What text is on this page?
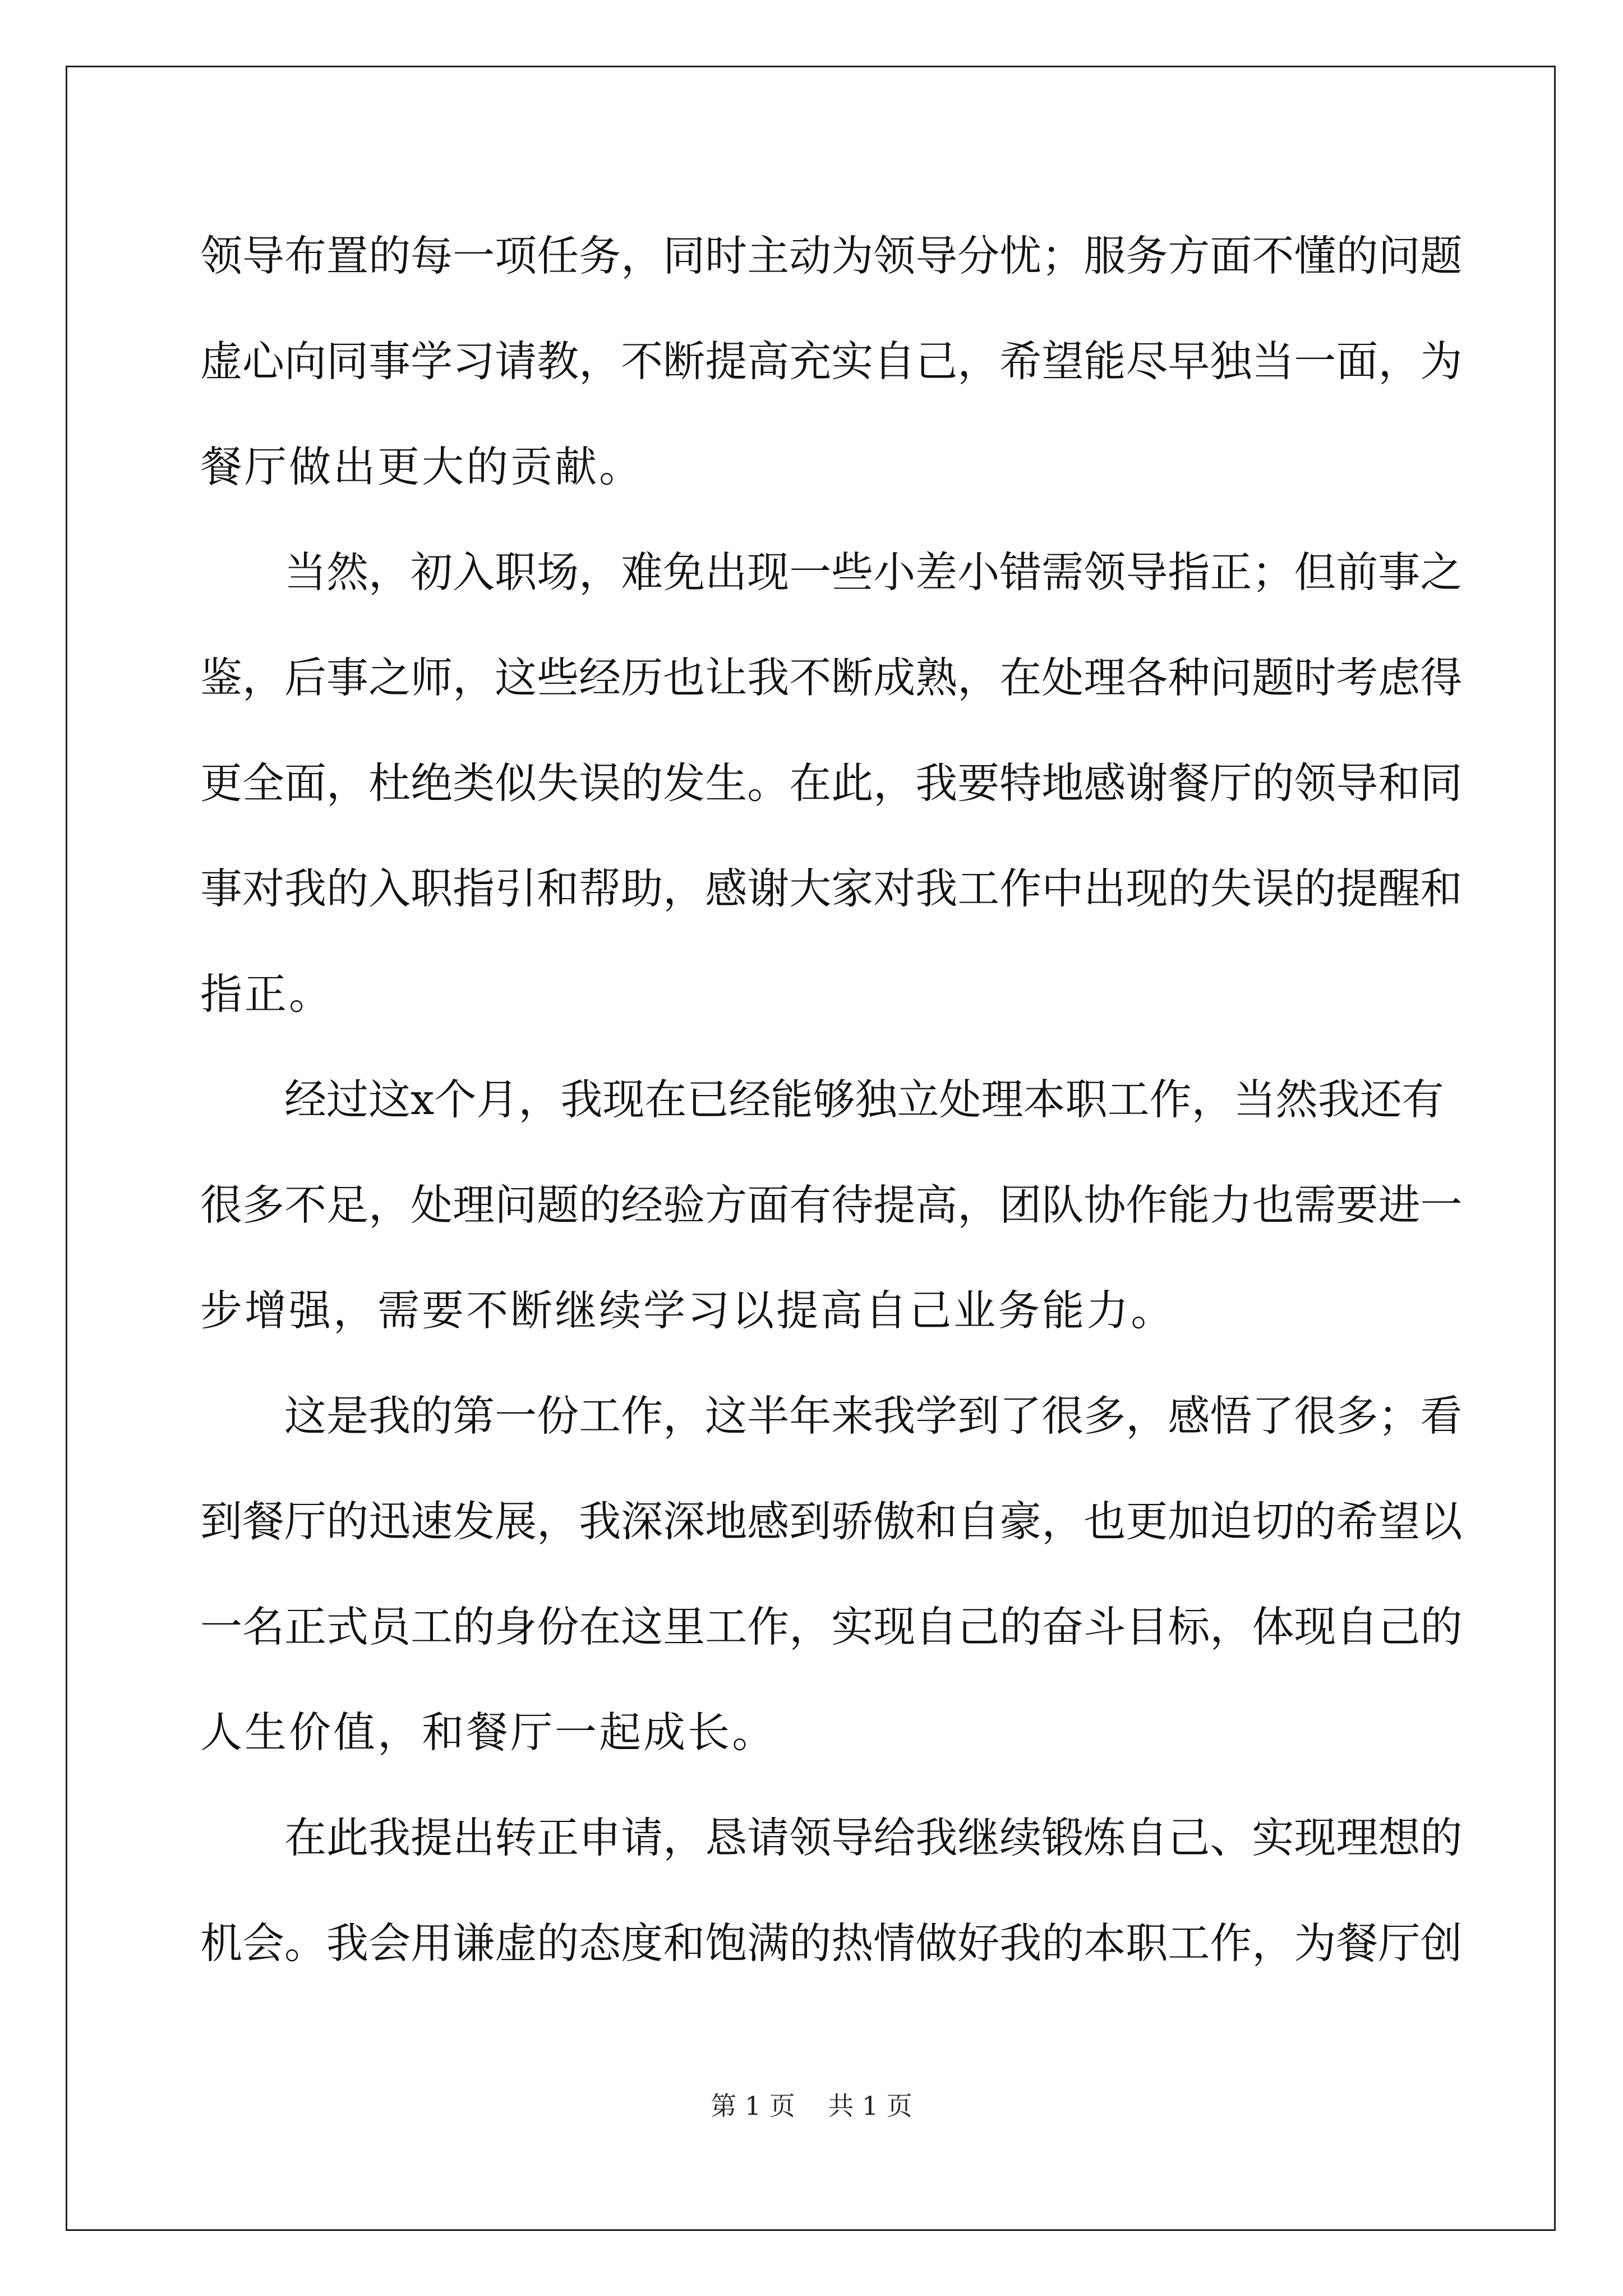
领 导 布 置 的 每 一 项 任 务 ， 同 时 主 动 为 领 导 分 忧 ； 服 务 方 面 不 懂 的 问 题
虚 心 向 同 事 学 习 请 教 ， 不 断 提 高 充 实 自 己 ， 希 望 能 尽 早 独 当 一 面 ， 为
餐 厅 做 出 更 大 的 贡 献 。
当 然 ， 初 入 职 场 ， 难 免 出 现 一 些 小 差 小 错 需 领 导 指 正 ； 但 前 事 之
鉴 ， 后 事 之 师 ， 这 些 经 历 也 让 我 不 断 成 熟 ， 在 处 理 各 种 问 题 时 考 虑 得
更 全 面 ， 杜 绝 类 似 失 误 的 发 生 。 在 此 ， 我 要 特 地 感 谢 餐 厅 的 领 导 和 同
事 对 我 的 入 职 指 引 和 帮 助 ， 感 谢 大 家 对 我 工 作 中 出 现 的 失 误 的 提 醒 和
指 正 。
经 过 这 x 个 月 ， 我 现 在 已 经 能 够 独 立 处 理 本 职 工 作 ， 当 然 我 还 有
很 多 不 足 ， 处 理 问 题 的 经 验 方 面 有 待 提 高 ， 团 队 协 作 能 力 也 需 要 进 一
步 增 强 ， 需 要 不 断 继 续 学 习 以 提 高 自 己 业 务 能 力 。
这 是 我 的 第 一 份 工 作 ， 这 半 年 来 我 学 到 了 很 多 ， 感 悟 了 很 多 ； 看
到 餐 厅 的 迅 速 发 展 ， 我 深 深 地 感 到 骄 傲 和 自 豪 ， 也 更 加 迫 切 的 希 望 以
一 名 正 式 员 工 的 身 份 在 这 里 工 作 ， 实 现 自 己 的 奋 斗 目 标 ， 体 现 自 己 的
人 生 价 值 ， 和 餐 厅 一 起 成 长 。
在 此 我 提 出 转 正 申 请 ， 恳 请 领 导 给 我 继 续 锻 炼 自 己 、 实 现 理 想 的
机 会 。 我 会 用 谦 虚 的 态 度 和 饱 满 的 热 情 做 好 我 的 本 职 工 作 ， 为 餐 厅 创
第 1 页    共 1 页
